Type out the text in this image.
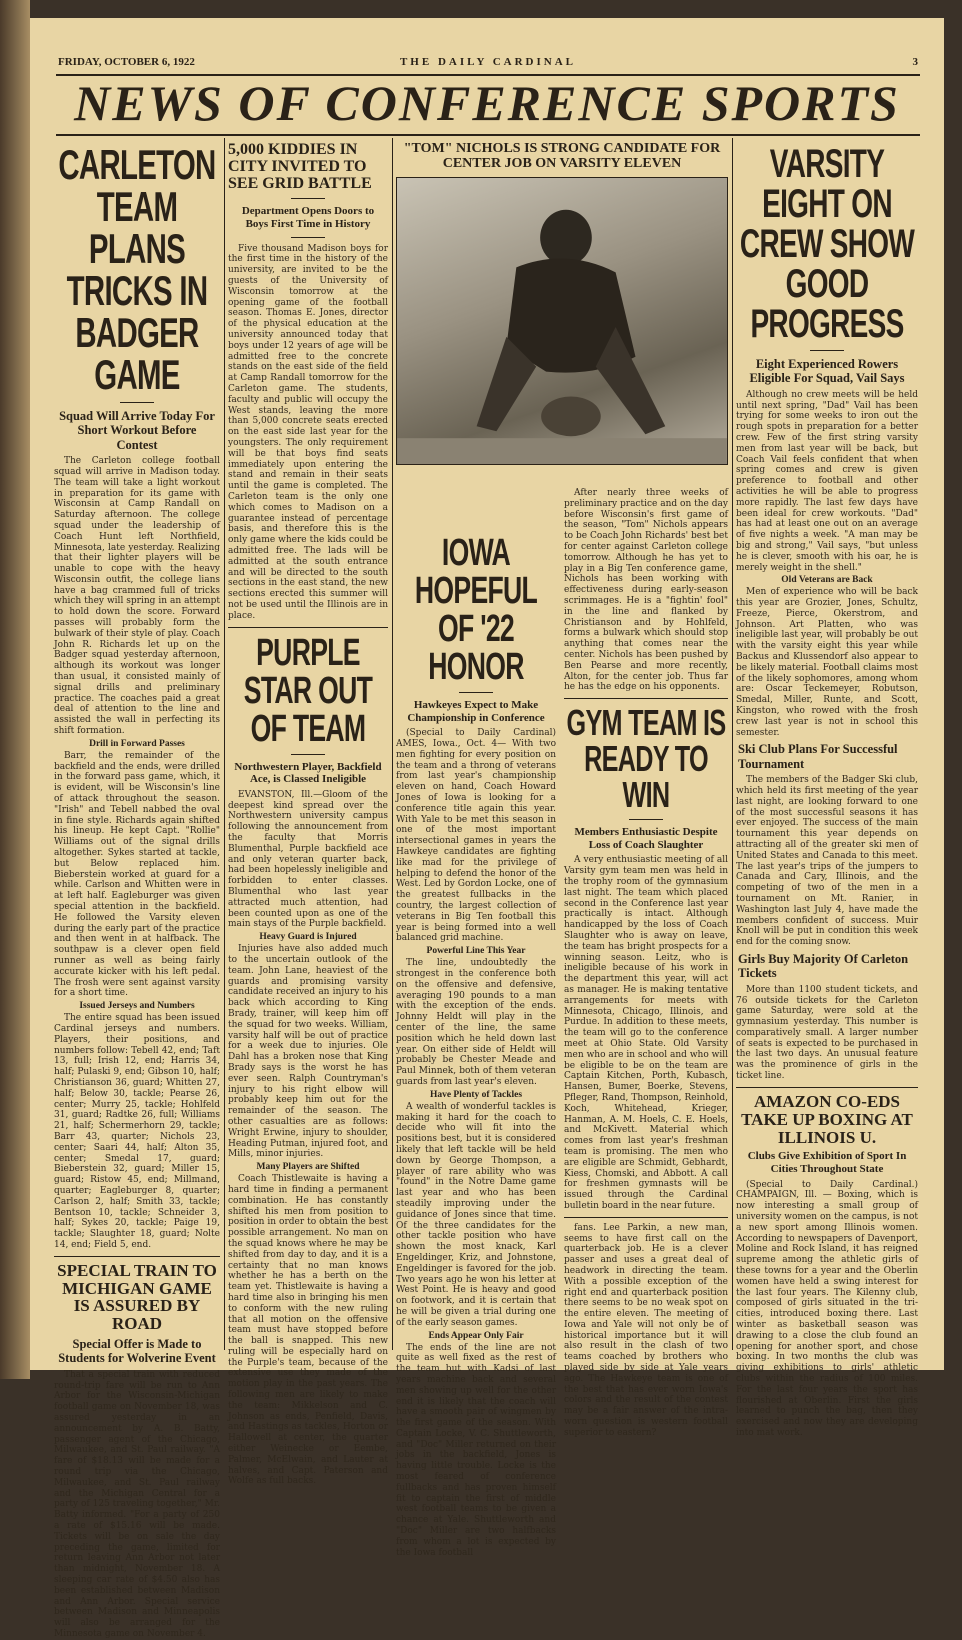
FRIDAY, OCTOBER 6, 1922	THE DAILY CARDINAL	3
NEWS OF CONFERENCE SPORTS
CARLETON TEAM PLANS TRICKS IN BADGER GAME
Squad Will Arrive Today For Short Workout Before Contest

The Carleton college football squad will arrive in Madison today. The team will take a light workout in preparation for its game with Wisconsin at Camp Randall on Saturday afternoon. The college squad under the leadership of Coach Hunt left Northfield, Minnesota, late yesterday. Realizing that their lighter players will be unable to cope with the heavy Wisconsin outfit, the college lians have a bag crammed full of tricks which they will spring in an attempt to hold down the score. Forward passes will probably form the bulwark of their style of play. Coach John R. Richards let up on the Badger squad yesterday afternoon, although its workout was longer than usual, it consisted mainly of signal drills and preliminary practice. The coaches paid a great deal of attention to the line and assisted the wall in perfecting its shift formation.

Drill in Forward Passes

Barr, the remainder of the backfield and the ends, were drilled in the forward pass game, which, it is evident, will be Wisconsin's line of attack throughout the season. "Irish" and Tebell nabbed the oval in fine style. Richards again shifted his lineup. He kept Capt. "Rollie" Williams out of the signal drills altogether. Sykes started at tackle, but Below replaced him. Bieberstein worked at guard for a while. Carlson and Whitten were in at left half. Eagleburger was given special attention in the backfield. He followed the Varsity eleven during the early part of the practice and then went in at halfback. The southpaw is a clever open field runner as well as being fairly accurate kicker with his left pedal. The frosh were sent against varsity for a short time.

Issued Jerseys and Numbers

The entire squad has been issued Cardinal jerseys and numbers. Players, their positions, and numbers follow: Tebell 42, end; Taft 13, full; Irish 12, end; Harris 34, half; Pulaski 9, end; Gibson 10, half; Christianson 36, guard; Whitten 27, half; Below 30, tackle; Pearse 26, center; Murry 25, tackle; Hohlfeld 31, guard; Radtke 26, full; Williams 21, half; Schermerhorn 29, tackle; Barr 43, quarter; Nichols 23, center; Saari 44, half; Alton 35, center; Smedal 17, guard; Bieberstein 32, guard; Miller 15, guard; Ristow 45, end; Millmand, quarter; Eagleburger 8, quarter; Carlson 2, half; Smith 33, tackle; Bentson 10, tackle; Schneider 3, half; Sykes 20, tackle; Paige 19, tackle; Slaughter 18, guard; Nolte 14, end; Field 5, end.

SPECIAL TRAIN TO MICHIGAN GAME IS ASSURED BY ROAD
Special Offer is Made to Students for Wolverine Event

That a special train with reduced round-trip fare will be run to Ann Arbor for the Wisconsin-Michigan football game on November 18, was assured yesterday in an announcement by A. B. Batty, passenger agent of the Chicago, Milwaukee, and St. Paul railway. "A fare of $18.13 will be made for a round trip via the Chicago, Milwaukee, and St. Paul railway and the Michigan Central for a party of 125 traveling together," Mr. Batty informed. "For a party of 250 a rate of $15.16 will be made. Tickets will be on sale the day preceding the game, limited for return leaving Ann Arbor not later than midnight, November 18. A sleeping car rate of $4.50 also has been established between Madison and Ann Arbor. Special service between Madison and Minneapolis will also be arranged for the Minnesota game on November 4.

5,000 KIDDIES IN CITY INVITED TO SEE GRID BATTLE
Department Opens Doors to Boys First Time in History

Five thousand Madison boys for the first time in the history of the university, are invited to be the guests of the University of Wisconsin tomorrow at the opening game of the football season. Thomas E. Jones, director of the physical education at the university announced today that boys under 12 years of age will be admitted free to the concrete stands on the east side of the field at Camp Randall tomorrow for the Carleton game. The students, faculty and public will occupy the West stands, leaving the more than 5,000 concrete seats erected on the east side last year for the youngsters. The only requirement will be that boys find seats immediately upon entering the stand and remain in their seats until the game is completed. The Carleton team is the only one which comes to Madison on a guarantee instead of percentage basis, and therefore this is the only game where the kids could be admitted free. The lads will be admitted at the south entrance and will be directed to the south sections in the east stand, the new sections erected this summer will not be used until the Illinois are in place.

PURPLE STAR OUT OF TEAM
Northwestern Player, Backfield Ace, is Classed Ineligible

EVANSTON, Ill.—Gloom of the deepest kind spread over the Northwestern university campus following the announcement from the faculty that Morris Blumenthal, Purple backfield ace and only veteran quarter back, had been hopelessly ineligible and forbidden to enter classes. Blumenthal who last year attracted much attention, had been counted upon as one of the main stays of the Purple backfield.

Heavy Guard is Injured

Injuries have also added much to the uncertain outlook of the team. John Lane, heaviest of the guards and promising varsity candidate received an injury to his back which according to King Brady, trainer, will keep him off the squad for two weeks. William, varsity half will be out of practice for a week due to injuries. Ole Dahl has a broken nose that King Brady says is the worst he has ever seen. Ralph Countryman's injury to his right elbow will probably keep him out for the remainder of the season. The other casualties are as follows: Wright Erwine, injury to shoulder, Heading Putman, injured foot, and Mills, minor injuries.

Many Players are Shifted

Coach Thistlewaite is having a hard time in finding a permanent combination. He has constantly shifted his men from position to position in order to obtain the best possible arrangement. No man on the squad knows where he may be shifted from day to day, and it is a certainty that no man knows whether he has a berth on the team yet. Thistlewaite is having a hard time also in bringing his men to conform with the new ruling that all motion on the offensive team must have stopped before the ball is snapped. This new ruling will be especially hard on the Purple's team, because of the extensive use they made of the motion play in the past years. The following men are likely to make the team: Mikkelson and C. Johnson as ends, Penfield, Davis, and Hastings as tackles, Horton or Hallowell at center, the quarter either Weinecke or Eembe, Palmer, McElwain, and Lauter at halves, and Capt. Paterson and Wolfe as full backs.

"TOM" NICHOLS IS STRONG CANDIDATE FOR CENTER JOB ON VARSITY ELEVEN
IOWA HOPEFUL OF '22 HONOR
Hawkeyes Expect to Make Championship in Conference

(Special to Daily Cardinal) AMES, Iowa., Oct. 4— With two men fighting for every position on the team and a throng of veterans from last year's championship eleven on hand, Coach Howard Jones of Iowa is looking for a conference title again this year. With Yale to be met this season in one of the most important intersectional games in years the Hawkeye candidates are fighting like mad for the privilege of helping to defend the honor of the West. Led by Gordon Locke, one of the greatest fullbacks in the country, the largest collection of veterans in Big Ten football this year is being formed into a well balanced grid machine.

Powerful Line This Year

The line, undoubtedly the strongest in the conference both on the offensive and defensive, averaging 190 pounds to a man with the exception of the ends. Johnny Heldt will play in the center of the line, the same position which he held down last year. On either side of Heldt will probably be Chester Meade and Paul Minnek, both of them veteran guards from last year's eleven.

Have Plenty of Tackles

A wealth of wonderful tackles is making it hard for the coach to decide who will fit into the positions best, but it is considered likely that left tackle will be held down by George Thompson, a player of rare ability who was "found" in the Notre Dame game last year and who has been steadily improving under the guidance of Jones since that time. Of the three candidates for the other tackle position who have shown the most knack, Karl Engeldinger, Kriz, and Johnstone, Engeldinger is favored for the job. Two years ago he won his letter at West Point. He is heavy and good on footwork, and it is certain that he will be given a trial during one of the early season games.

Ends Appear Only Fair

The ends of the line are not quite as well fixed as the rest of the team but with Kadsi of last years machine back and several men showing up well for the other end it is likely that the coach will have a smooth pair of wingmen by the first game of the season. With Captain Locke, V. C. Shuttleworth, and "Doc" Miller returned on their jobs in the backfield, Jones is having little trouble. Locke is the most feared of conference fullbacks and has proven himself fit to captain the first of middle west football teams to be given a chance at Yale. Shuttleworth and "Doc" Miller are two halfbacks from whom a lot is expected by the Iowa football

After nearly three weeks of preliminary practice and on the day before Wisconsin's first game of the season, "Tom" Nichols appears to be Coach John Richards' best bet for center against Carleton college tomorrow. Although he has yet to play in a Big Ten conference game, Nichols has been working with effectiveness during early-season scrimmages. He is a "fightin' fool" in the line and flanked by Christianson and by Hohlfeld, forms a bulwark which should stop anything that comes near the center. Nichols has been pushed by Ben Pearse and more recently, Alton, for the center job. Thus far he has the edge on his opponents.

GYM TEAM IS READY TO WIN
Members Enthusiastic Despite Loss of Coach Slaughter

A very enthusiastic meeting of all Varsity gym team men was held in the trophy room of the gymnasium last night. The team which placed second in the Conference last year practically is intact. Although handicapped by the loss of Coach Slaughter who is away on leave, the team has bright prospects for a winning season. Leitz, who is ineligible because of his work in the department this year, will act as manager. He is making tentative arrangements for meets with Minnesota, Chicago, Illinois, and Purdue. In addition to these meets, the team will go to the conference meet at Ohio State. Old Varsity men who are in school and who will be eligible to be on the team are Captain Kitchen, Porth, Kubasch, Hansen, Bumer, Boerke, Stevens, Pfleger, Rand, Thompson, Reinhold, Koch, Whitehead, Krieger, Hanman, A. M. Hoels, C. E. Hoels, and McKivett. Material which comes from last year's freshman team is promising. The men who are eligible are Schmidt, Gebhardt, Kiess, Chomski, and Abbott. A call for freshmen gymnasts will be issued through the Cardinal bulletin board in the near future.

fans. Lee Parkin, a new man, seems to have first call on the quarterback job. He is a clever passer and uses a great deal of headwork in directing the team. With a possible exception of the right end and quarterback position there seems to be no weak spot on the entire eleven. The meeting of Iowa and Yale will not only be of historical importance but it will also result in the clash of two teams coached by brothers who played side by side at Yale years ago. The Hawkeye team is one of the best that has ever worn Iowa's colors and the result of the contest may be a fair answer of the intra-worn question is western football superior to eastern?

VARSITY EIGHT ON CREW SHOW GOOD PROGRESS
Eight Experienced Rowers Eligible For Squad, Vail Says

Although no crew meets will be held until next spring, "Dad" Vail has been trying for some weeks to iron out the rough spots in preparation for a better crew. Few of the first string varsity men from last year will be back, but Coach Vail feels confident that when spring comes and crew is given preference to football and other activities he will be able to progress more rapidly. The last few days have been ideal for crew workouts. "Dad" has had at least one out on an average of five nights a week. "A man may be big and strong," Vail says, "but unless he is clever, smooth with his oar, he is merely weight in the shell."

Old Veterans are Back

Men of experience who will be back this year are Grozier, Jones, Schultz, Freeze, Pierce, Okerstrom, and Johnson. Art Platten, who was ineligible last year, will probably be out with the varsity eight this year while Backus and Klussendorf also appear to be likely material. Football claims most of the likely sophomores, among whom are: Oscar Teckemeyer, Robutson, Smedal, Miller, Runte, and Scott, Kingston, who rowed with the frosh crew last year is not in school this semester.

Ski Club Plans For Successful Tournament

The members of the Badger Ski club, which held its first meeting of the year last night, are looking forward to one of the most successful seasons it has ever enjoyed. The success of the main tournament this year depends on attracting all of the greater ski men of United States and Canada to this meet. The last year's trips of the jumpers to Canada and Cary, Illinois, and the competing of two of the men in a tournament on Mt. Ranier, in Washington last July 4, have made the members confident of success. Muir Knoll will be put in condition this week end for the coming snow.

Girls Buy Majority Of Carleton Tickets

More than 1100 student tickets, and 76 outside tickets for the Carleton game Saturday, were sold at the gymnasium yesterday. This number is comparatively small. A larger number of seats is expected to be purchased in the last two days. An unusual feature was the prominence of girls in the ticket line.

AMAZON CO-EDS TAKE UP BOXING AT ILLINOIS U.
Clubs Give Exhibition of Sport In Cities Throughout State

(Special to Daily Cardinal.) CHAMPAIGN, Ill. — Boxing, which is now interesting a small group of university women on the campus, is not a new sport among Illinois women. According to newspapers of Davenport, Moline and Rock Island, it has reigned supreme among the athletic girls of these towns for a year and the Oberlin women have held a swing interest for the last four years. The Kilenny club, composed of girls situated in the tri-cities, introduced boxing there. Last winter as basketball season was drawing to a close the club found an opening for another sport, and chose boxing. In two months the club was giving exhibitions to girls' athletic clubs within the radius of 100 miles. For the last four years the sport has flourished at Oberlin. First the girls learned to punch the bag, then they exercised and now they are developing into mat work.
